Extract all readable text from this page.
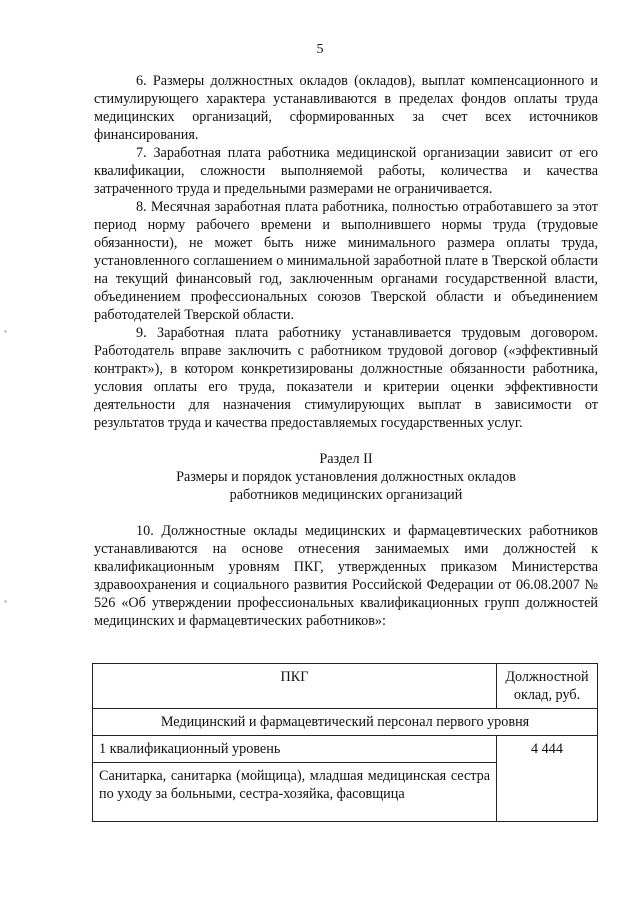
5

6. Размеры должностных окладов (окладов), выплат компенсационного и стимулирующего характера устанавливаются в пределах фондов оплаты труда медицинских организаций, сформированных за счет всех источников финансирования.

7. Заработная плата работника медицинской организации зависит от его квалификации, сложности выполняемой работы, количества и качества затраченного труда и предельными размерами не ограничивается.

8. Месячная заработная плата работника, полностью отработавшего за этот период норму рабочего времени и выполнившего нормы труда (трудовые обязанности), не может быть ниже минимального размера оплаты труда, установленного соглашением о минимальной заработной плате в Тверской области на текущий финансовый год, заключенным органами государственной власти, объединением профессиональных союзов Тверской области и объединением работодателей Тверской области.

9. Заработная плата работнику устанавливается трудовым договором. Работодатель вправе заключить с работником трудовой договор («эффективный контракт»), в котором конкретизированы должностные обязанности работника, условия оплаты его труда, показатели и критерии оценки эффективности деятельности для назначения стимулирующих выплат в зависимости от результатов труда и качества предоставляемых государственных услуг.

Раздел II
Размеры и порядок установления должностных окладов
работников медицинских организаций

10. Должностные оклады медицинских и фармацевтических работников устанавливаются на основе отнесения занимаемых ими должностей к квалификационным уровням ПКГ, утвержденных приказом Министерства здравоохранения и социального развития Российской Федерации от 06.08.2007 № 526 «Об утверждении профессиональных квалификационных групп должностей медицинских и фармацевтических работников»:

ПКГ	Должностной оклад, руб.
Медицинский и фармацевтический персонал первого уровня	
1 квалификационный уровень	4 444
Санитарка, санитарка (мойщица), младшая медицинская сестра по уходу за больными, сестра-хозяйка, фасовщица	
